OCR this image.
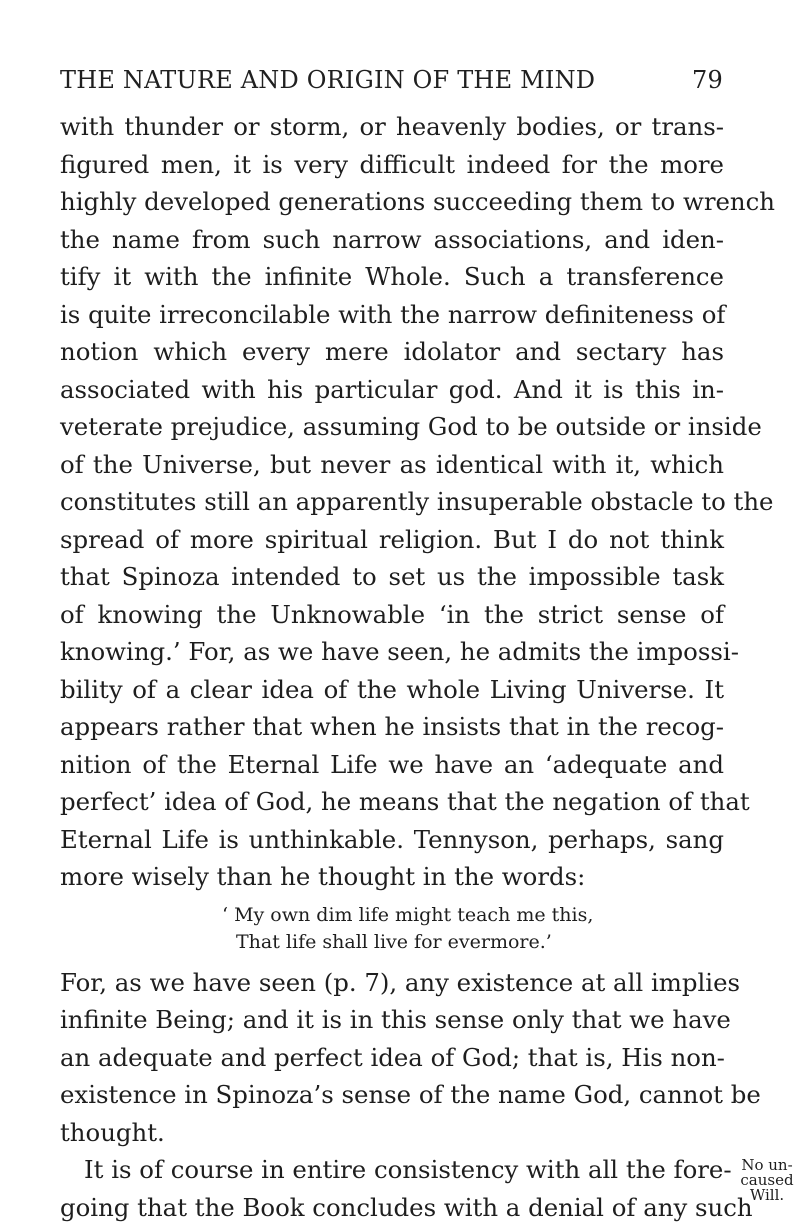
THE NATURE AND ORIGIN OF THE MIND	79
with thunder or storm, or heavenly bodies, or trans-
figured men, it is very difficult indeed for the more
highly developed generations succeeding them to wrench
the name from such narrow associations, and iden-
tify it with the infinite Whole. Such a transference
is quite irreconcilable with the narrow definiteness of
notion which every mere idolator and sectary has
associated with his particular god. And it is this in-
veterate prejudice, assuming God to be outside or inside
of the Universe, but never as identical with it, which
constitutes still an apparently insuperable obstacle to the
spread of more spiritual religion. But I do not think
that Spinoza intended to set us the impossible task
of knowing the Unknowable ‘in the strict sense of
knowing.’ For, as we have seen, he admits the impossi-
bility of a clear idea of the whole Living Universe. It
appears rather that when he insists that in the recog-
nition of the Eternal Life we have an ‘adequate and
perfect’ idea of God, he means that the negation of that
Eternal Life is unthinkable. Tennyson, perhaps, sang
more wisely than he thought in the words:
‘ My own dim life might teach me this,
That life shall live for evermore.’
For, as we have seen (p. 7), any existence at all implies
infinite Being; and it is in this sense only that we have
an adequate and perfect idea of God; that is, His non-
existence in Spinoza’s sense of the name God, cannot be
thought.
It is of course in entire consistency with all the fore-
going that the Book concludes with a denial of any such
No un-
caused
Will.
